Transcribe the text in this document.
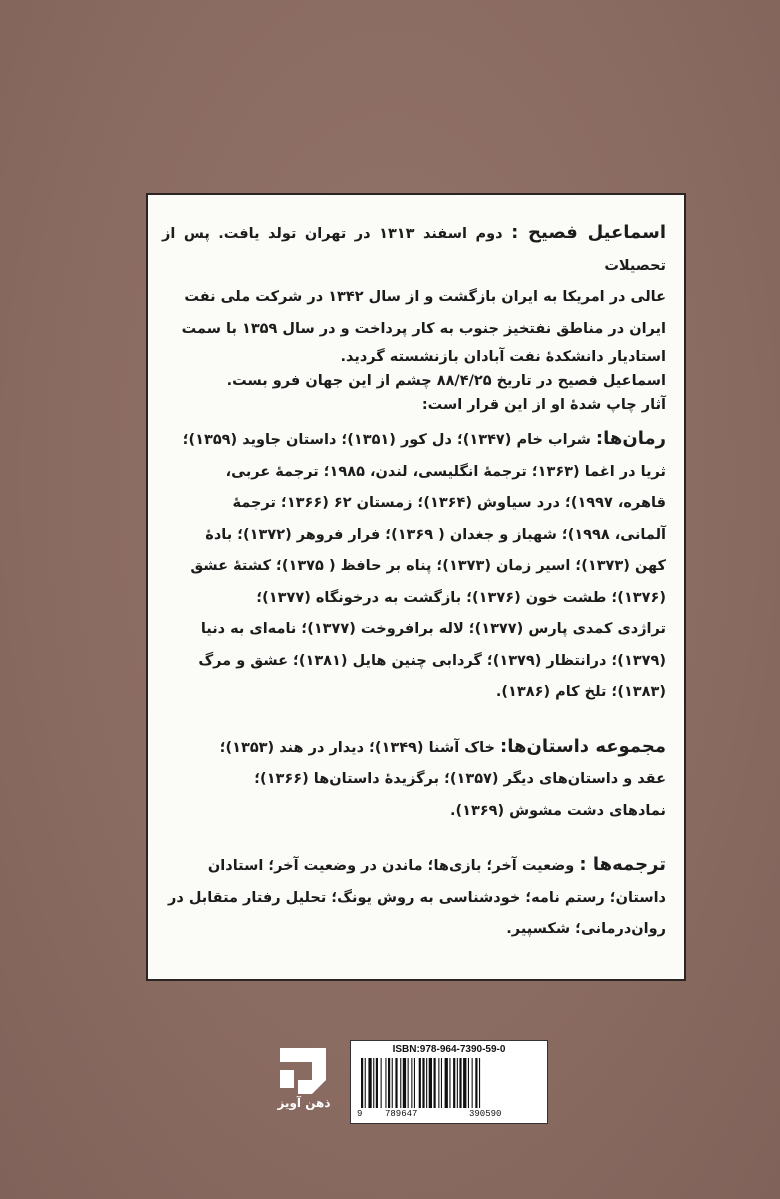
اسماعیل فصیح : دوم اسفند ۱۳۱۳ در تهران تولد یافت. پس از تحصیلات

عالی در امریکا به ایران بازگشت و از سال ۱۳۴۲ در شرکت ملی نفت

ایران در مناطق نفتخیز جنوب به کار پرداخت و در سال ۱۳۵۹ با سمت

استادیار دانشکدهٔ نفت آبادان بازنشسته گردید.

اسماعیل فصیح در تاریخ ۸۸/۴/۲۵ چشم از این جهان فرو بست.

آثار چاپ شدهٔ او از این قرار است:

رمان‌ها: شراب خام (۱۳۴۷)؛ دل کور (۱۳۵۱)؛ داستان جاوید (۱۳۵۹)؛

ثریا در اغما (۱۳۶۳؛ ترجمهٔ انگلیسی، لندن، ۱۹۸۵؛ ترجمهٔ عربی،

قاهره، ۱۹۹۷)؛ درد سیاوش (۱۳۶۴)؛ زمستان ۶۲ (۱۳۶۶؛ ترجمهٔ

آلمانی، ۱۹۹۸)؛ شهباز و جغدان ( ۱۳۶۹)؛ فرار فروهر (۱۳۷۲)؛ بادهٔ

کهن (۱۳۷۳)؛ اسیر زمان (۱۳۷۳)؛ پناه بر حافظ ( ۱۳۷۵)؛ کشتهٔ عشق

(۱۳۷۶)؛ طشت خون (۱۳۷۶)؛ بازگشت به درخونگاه (۱۳۷۷)؛

تراژدی کمدی پارس (۱۳۷۷)؛ لاله برافروخت (۱۳۷۷)؛ نامه‌ای به دنیا

(۱۳۷۹)؛ درانتظار (۱۳۷۹)؛ گردابی چنین هایل (۱۳۸۱)؛ عشق و مرگ

(۱۳۸۳)؛ تلخ کام (۱۳۸۶).

مجموعه داستان‌ها: خاک آشنا (۱۳۴۹)؛ دیدار در هند (۱۳۵۳)؛

عقد و داستان‌های دیگر (۱۳۵۷)؛ برگزیدهٔ داستان‌ها (۱۳۶۶)؛

نمادهای دشت مشوش (۱۳۶۹).

ترجمه‌ها : وضعیت آخر؛ بازی‌ها؛ ماندن در وضعیت آخر؛ استادان

داستان؛ رستم نامه؛ خودشناسی به روش یونگ؛ تحلیل رفتار متقابل در

روان‌درمانی؛ شکسپیر.

ذهن آویز
ISBN:978-964-7390-59-0
9	789647	390590
